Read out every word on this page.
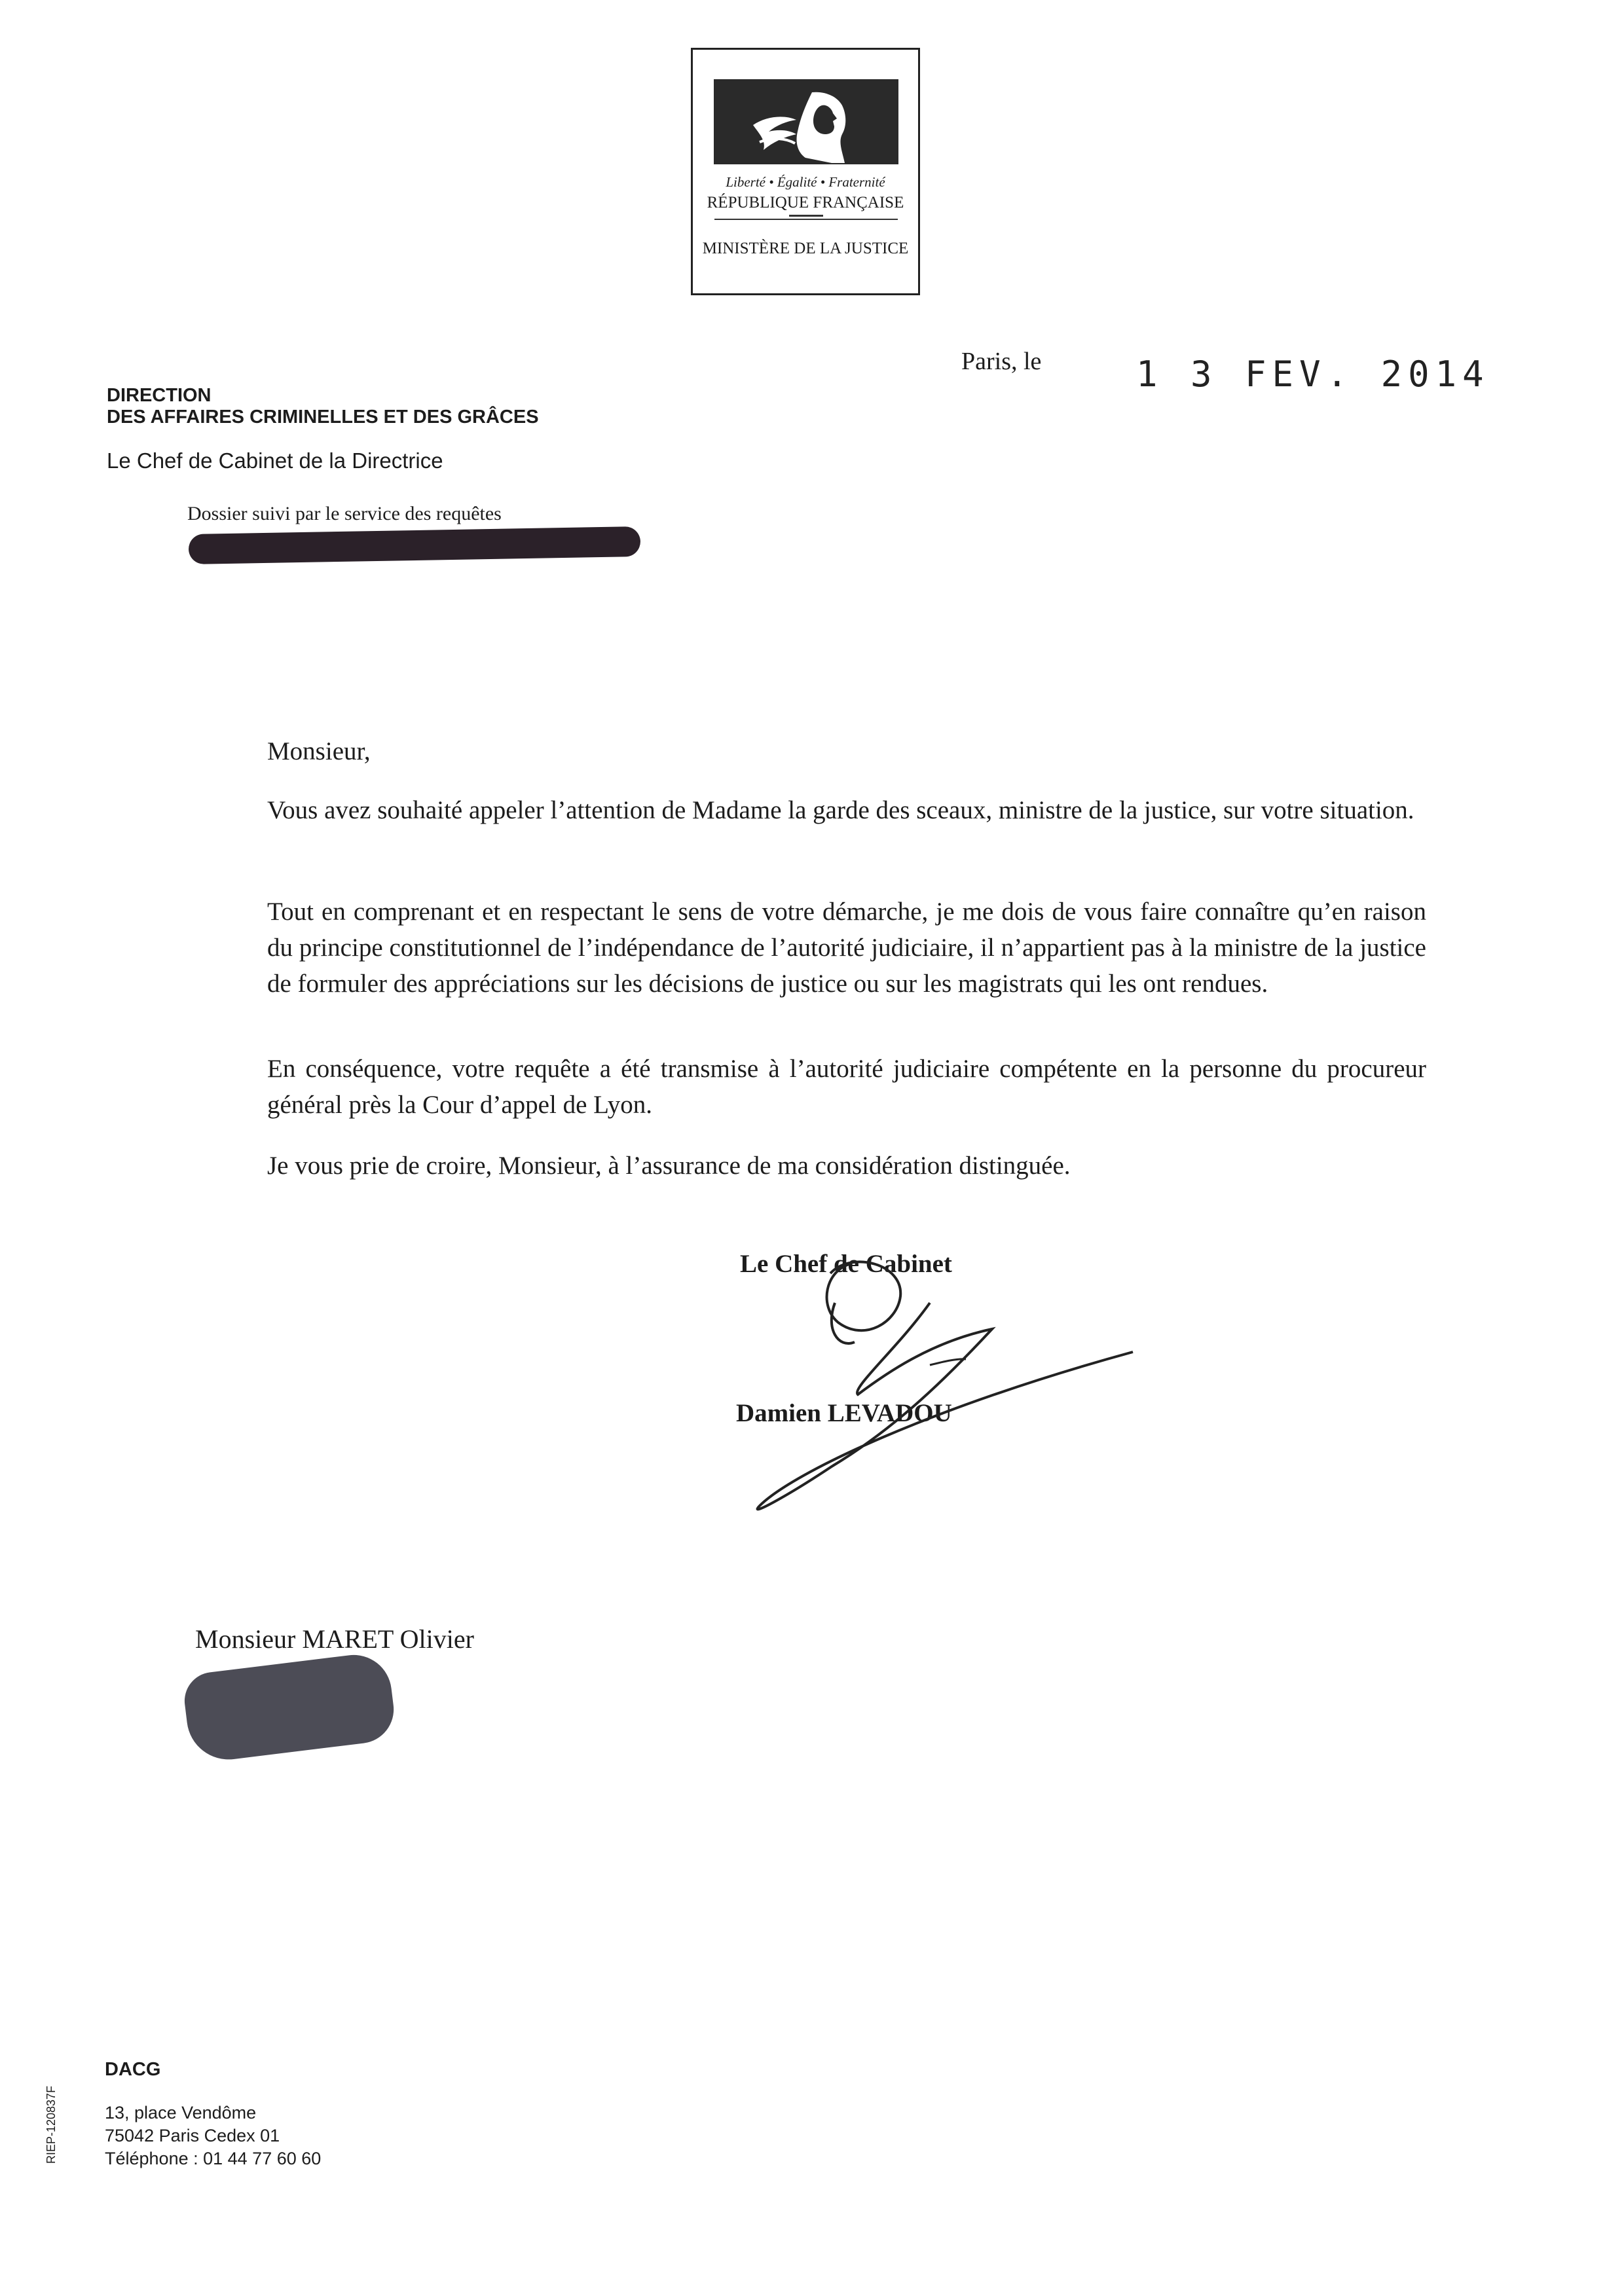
Liberté • Égalité • Fraternité
RÉPUBLIQUE FRANÇAISE
MINISTÈRE DE LA JUSTICE
Paris, le	1 3 FEV. 2014
DIRECTION
DES AFFAIRES CRIMINELLES ET DES GRÂCES
Le Chef de Cabinet de la Directrice
Dossier suivi par le service des requêtes
Monsieur,
Vous avez souhaité appeler l’attention de Madame la garde des sceaux, ministre de la justice, sur votre situation.
Tout en comprenant et en respectant le sens de votre démarche, je me dois de vous faire connaître qu’en raison du principe constitutionnel de l’indépendance de l’autorité judiciaire, il n’appartient pas à la ministre de la justice de formuler des appréciations sur les décisions de justice ou sur les magistrats qui les ont rendues.
En conséquence, votre requête a été transmise à l’autorité judiciaire compétente en la personne du procureur général près la Cour d’appel de Lyon.
Je vous prie de croire, Monsieur, à l’assurance de ma considération distinguée.
Le Chef de Cabinet
Damien LEVADOU
Monsieur MARET Olivier
DACG
13, place Vendôme
75042 Paris Cedex 01
Téléphone : 01 44 77 60 60
RIEP-120837F
